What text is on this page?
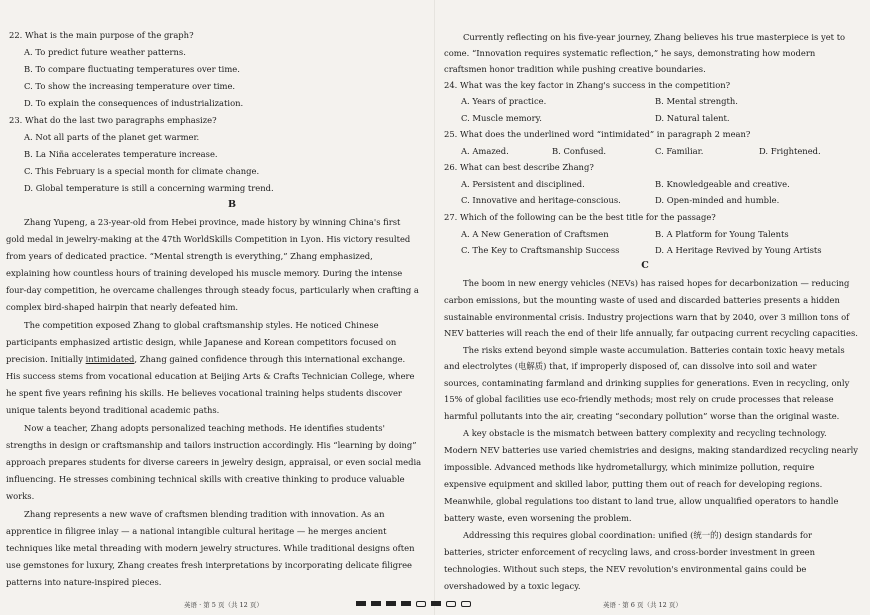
22. What is the main purpose of the graph?
A. To predict future weather patterns.
B. To compare fluctuating temperatures over time.
C. To show the increasing temperature over time.
D. To explain the consequences of industrialization.
23. What do the last two paragraphs emphasize?
A. Not all parts of the planet get warmer.
B. La Niña accelerates temperature increase.
C. This February is a special month for climate change.
D. Global temperature is still a concerning warming trend.
B
Zhang Yupeng, a 23-year-old from Hebei province, made history by winning China's first
gold medal in jewelry-making at the 47th WorldSkills Competition in Lyon. His victory resulted
from years of dedicated practice. “Mental strength is everything,” Zhang emphasized,
explaining how countless hours of training developed his muscle memory. During the intense
four-day competition, he overcame challenges through steady focus, particularly when crafting a
complex bird-shaped hairpin that nearly defeated him.
The competition exposed Zhang to global craftsmanship styles. He noticed Chinese
participants emphasized artistic design, while Japanese and Korean competitors focused on
precision. Initially intimidated, Zhang gained confidence through this international exchange.
His success stems from vocational education at Beijing Arts & Crafts Technician College, where
he spent five years refining his skills. He believes vocational training helps students discover
unique talents beyond traditional academic paths.
Now a teacher, Zhang adopts personalized teaching methods. He identifies students'
strengths in design or craftsmanship and tailors instruction accordingly. His “learning by doing”
approach prepares students for diverse careers in jewelry design, appraisal, or even social media
influencing. He stresses combining technical skills with creative thinking to produce valuable
works.
Zhang represents a new wave of craftsmen blending tradition with innovation. As an
apprentice in filigree inlay — a national intangible cultural heritage — he merges ancient
techniques like metal threading with modern jewelry structures. While traditional designs often
use gemstones for luxury, Zhang creates fresh interpretations by incorporating delicate filigree
patterns into nature-inspired pieces.
英语 · 第 5 页（共 12 页）
Currently reflecting on his five-year journey, Zhang believes his true masterpiece is yet to
come. “Innovation requires systematic reflection,” he says, demonstrating how modern
craftsmen honor tradition while pushing creative boundaries.
24. What was the key factor in Zhang's success in the competition?
A. Years of practice.	B. Mental strength.
C. Muscle memory.	D. Natural talent.
25. What does the underlined word “intimidated” in paragraph 2 mean?
A. Amazed.	B. Confused.	C. Familiar.	D. Frightened.
26. What can best describe Zhang?
A. Persistent and disciplined.	B. Knowledgeable and creative.
C. Innovative and heritage-conscious.	D. Open-minded and humble.
27. Which of the following can be the best title for the passage?
A. A New Generation of Craftsmen	B. A Platform for Young Talents
C. The Key to Craftsmanship Success	D. A Heritage Revived by Young Artists
C
The boom in new energy vehicles (NEVs) has raised hopes for decarbonization — reducing
carbon emissions, but the mounting waste of used and discarded batteries presents a hidden
sustainable environmental crisis. Industry projections warn that by 2040, over 3 million tons of
NEV batteries will reach the end of their life annually, far outpacing current recycling capacities.
The risks extend beyond simple waste accumulation. Batteries contain toxic heavy metals
and electrolytes (电解质) that, if improperly disposed of, can dissolve into soil and water
sources, contaminating farmland and drinking supplies for generations. Even in recycling, only
15% of global facilities use eco-friendly methods; most rely on crude processes that release
harmful pollutants into the air, creating “secondary pollution” worse than the original waste.
A key obstacle is the mismatch between battery complexity and recycling technology.
Modern NEV batteries use varied chemistries and designs, making standardized recycling nearly
impossible. Advanced methods like hydrometallurgy, which minimize pollution, require
expensive equipment and skilled labor, putting them out of reach for developing regions.
Meanwhile, global regulations too distant to land true, allow unqualified operators to handle
battery waste, even worsening the problem.
Addressing this requires global coordination: unified (统一的) design standards for
batteries, stricter enforcement of recycling laws, and cross-border investment in green
technologies. Without such steps, the NEV revolution's environmental gains could be
overshadowed by a toxic legacy.
英语 · 第 6 页（共 12 页）
